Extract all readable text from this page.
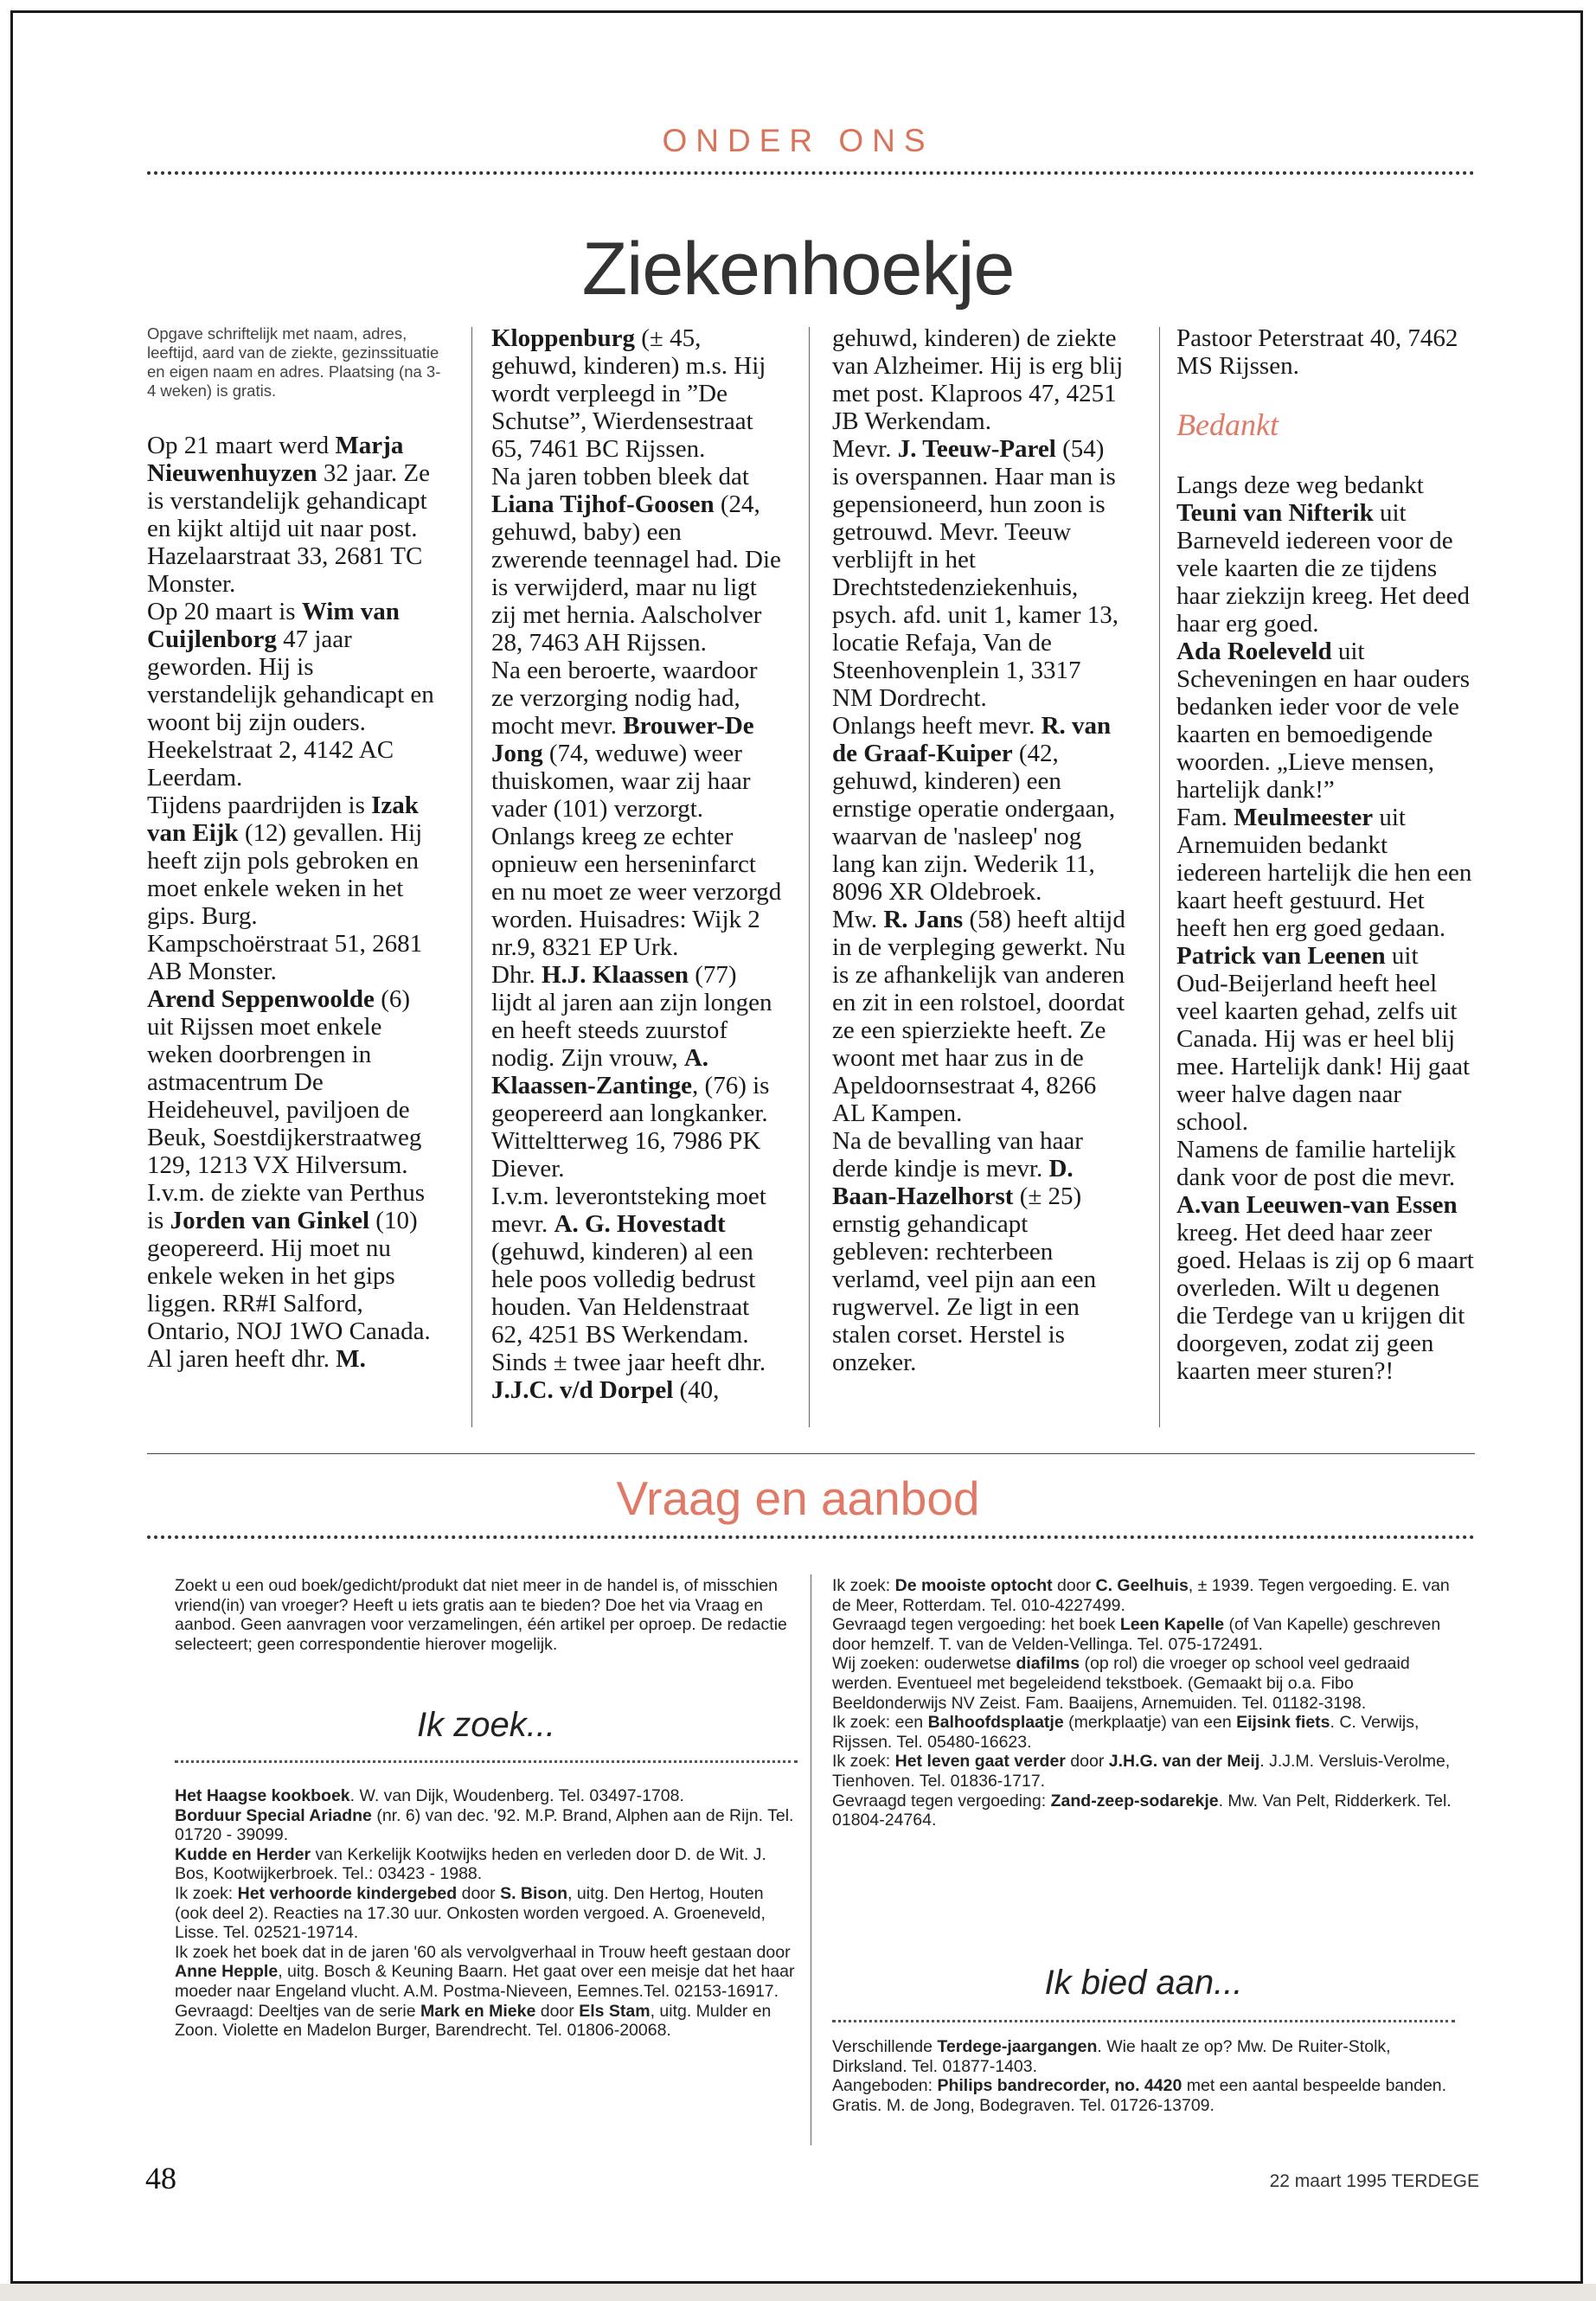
ONDER ONS
Ziekenhoekje

Opgave schriftelijk met naam, adres, leeftijd, aard van de ziekte, gezinssituatie en eigen naam en adres. Plaatsing (na 3-4 weken) is gratis.

Op 21 maart werd Marja Nieuwenhuyzen 32 jaar. Ze is verstandelijk gehandicapt en kijkt altijd uit naar post. Hazelaarstraat 33, 2681 TC Monster.

Op 20 maart is Wim van Cuijlenborg 47 jaar geworden. Hij is verstandelijk gehandicapt en woont bij zijn ouders. Heekelstraat 2, 4142 AC Leerdam.

Tijdens paardrijden is Izak van Eijk (12) gevallen. Hij heeft zijn pols gebroken en moet enkele weken in het gips. Burg. Kampschoërstraat 51, 2681 AB Monster.

Arend Seppenwoolde (6) uit Rijssen moet enkele weken doorbrengen in astmacentrum De Heideheuvel, paviljoen de Beuk, Soestdijkerstraatweg 129, 1213 VX Hilversum.

I.v.m. de ziekte van Perthus is Jorden van Ginkel (10) geopereerd. Hij moet nu enkele weken in het gips liggen. RR#I Salford, Ontario, NOJ 1WO Canada.

Al jaren heeft dhr. M.

Kloppenburg (± 45, gehuwd, kinderen) m.s. Hij wordt verpleegd in ”De Schutse”, Wierdensestraat 65, 7461 BC Rijssen.

Na jaren tobben bleek dat Liana Tijhof-Goosen (24, gehuwd, baby) een zwerende teennagel had. Die is verwijderd, maar nu ligt zij met hernia. Aalscholver 28, 7463 AH Rijssen.

Na een beroerte, waardoor ze verzorging nodig had, mocht mevr. Brouwer-De Jong (74, weduwe) weer thuiskomen, waar zij haar vader (101) verzorgt. Onlangs kreeg ze echter opnieuw een herseninfarct en nu moet ze weer verzorgd worden. Huisadres: Wijk 2 nr.9, 8321 EP Urk.

Dhr. H.J. Klaassen (77) lijdt al jaren aan zijn longen en heeft steeds zuurstof nodig. Zijn vrouw, A. Klaassen-Zantinge, (76) is geopereerd aan longkanker. Witteltterweg 16, 7986 PK Diever.

I.v.m. leverontsteking moet mevr. A. G. Hovestadt (gehuwd, kinderen) al een hele poos volledig bedrust houden. Van Heldenstraat 62, 4251 BS Werkendam.

Sinds ± twee jaar heeft dhr. J.J.C. v/d Dorpel (40,

gehuwd, kinderen) de ziekte van Alzheimer. Hij is erg blij met post. Klaproos 47, 4251 JB Werkendam.

Mevr. J. Teeuw-Parel (54) is overspannen. Haar man is gepensioneerd, hun zoon is getrouwd. Mevr. Teeuw verblijft in het Drechtstedenziekenhuis, psych. afd. unit 1, kamer 13, locatie Refaja, Van de Steenhovenplein 1, 3317 NM Dordrecht.

Onlangs heeft mevr. R. van de Graaf-Kuiper (42, gehuwd, kinderen) een ernstige operatie ondergaan, waarvan de 'nasleep' nog lang kan zijn. Wederik 11, 8096 XR Oldebroek.

Mw. R. Jans (58) heeft altijd in de verpleging gewerkt. Nu is ze afhankelijk van anderen en zit in een rolstoel, doordat ze een spierziekte heeft. Ze woont met haar zus in de Apeldoornsestraat 4, 8266 AL Kampen.

Na de bevalling van haar derde kindje is mevr. D. Baan-Hazelhorst (± 25) ernstig gehandicapt gebleven: rechterbeen verlamd, veel pijn aan een rugwervel. Ze ligt in een stalen corset. Herstel is onzeker.

Pastoor Peterstraat 40, 7462 MS Rijssen.

Bedankt

Langs deze weg bedankt Teuni van Nifterik uit Barneveld iedereen voor de vele kaarten die ze tijdens haar ziekzijn kreeg. Het deed haar erg goed.

Ada Roeleveld uit Scheveningen en haar ouders bedanken ieder voor de vele kaarten en bemoedigende woorden. „Lieve mensen, hartelijk dank!”

Fam. Meulmeester uit Arnemuiden bedankt iedereen hartelijk die hen een kaart heeft gestuurd. Het heeft hen erg goed gedaan.

Patrick van Leenen uit Oud-Beijerland heeft heel veel kaarten gehad, zelfs uit Canada. Hij was er heel blij mee. Hartelijk dank! Hij gaat weer halve dagen naar school.

Namens de familie hartelijk dank voor de post die mevr. A.van Leeuwen-van Essen kreeg. Het deed haar zeer goed. Helaas is zij op 6 maart overleden. Wilt u degenen die Terdege van u krijgen dit doorgeven, zodat zij geen kaarten meer sturen?!

Vraag en aanbod

Zoekt u een oud boek/gedicht/produkt dat niet meer in de handel is, of misschien vriend(in) van vroeger? Heeft u iets gratis aan te bieden? Doe het via Vraag en aanbod. Geen aanvragen voor verzamelingen, één artikel per oproep. De redactie selecteert; geen correspondentie hierover mogelijk.

Ik zoek...

Het Haagse kookboek. W. van Dijk, Woudenberg. Tel. 03497-1708.

Borduur Special Ariadne (nr. 6) van dec. '92. M.P. Brand, Alphen aan de Rijn. Tel. 01720 - 39099.

Kudde en Herder van Kerkelijk Kootwijks heden en verleden door D. de Wit. J. Bos, Kootwijkerbroek. Tel.: 03423 - 1988.

Ik zoek: Het verhoorde kindergebed door S. Bison, uitg. Den Hertog, Houten (ook deel 2). Reacties na 17.30 uur. Onkosten worden vergoed. A. Groeneveld, Lisse. Tel. 02521-19714.

Ik zoek het boek dat in de jaren '60 als vervolgverhaal in Trouw heeft gestaan door Anne Hepple, uitg. Bosch & Keuning Baarn. Het gaat over een meisje dat het haar moeder naar Engeland vlucht. A.M. Postma-Nieveen, Eemnes.Tel. 02153-16917.

Gevraagd: Deeltjes van de serie Mark en Mieke door Els Stam, uitg. Mulder en Zoon. Violette en Madelon Burger, Barendrecht. Tel. 01806-20068.

Ik zoek: De mooiste optocht door C. Geelhuis, ± 1939. Tegen vergoeding. E. van de Meer, Rotterdam. Tel. 010-4227499.

Gevraagd tegen vergoeding: het boek Leen Kapelle (of Van Kapelle) geschreven door hemzelf. T. van de Velden-Vellinga. Tel. 075-172491.

Wij zoeken: ouderwetse diafilms (op rol) die vroeger op school veel gedraaid werden. Eventueel met begeleidend tekstboek. (Gemaakt bij o.a. Fibo Beeldonderwijs NV Zeist. Fam. Baaijens, Arnemuiden. Tel. 01182-3198.

Ik zoek: een Balhoofdsplaatje (merkplaatje) van een Eijsink fiets. C. Verwijs, Rijssen. Tel. 05480-16623.

Ik zoek: Het leven gaat verder door J.H.G. van der Meij. J.J.M. Versluis-Verolme, Tienhoven. Tel. 01836-1717.

Gevraagd tegen vergoeding: Zand-zeep-sodarekje. Mw. Van Pelt, Ridderkerk. Tel. 01804-24764.

Ik bied aan...

Verschillende Terdege-jaargangen. Wie haalt ze op? Mw. De Ruiter-Stolk, Dirksland. Tel. 01877-1403.

Aangeboden: Philips bandrecorder, no. 4420 met een aantal bespeelde banden. Gratis. M. de Jong, Bodegraven. Tel. 01726-13709.

48	22 maart 1995 TERDEGE
